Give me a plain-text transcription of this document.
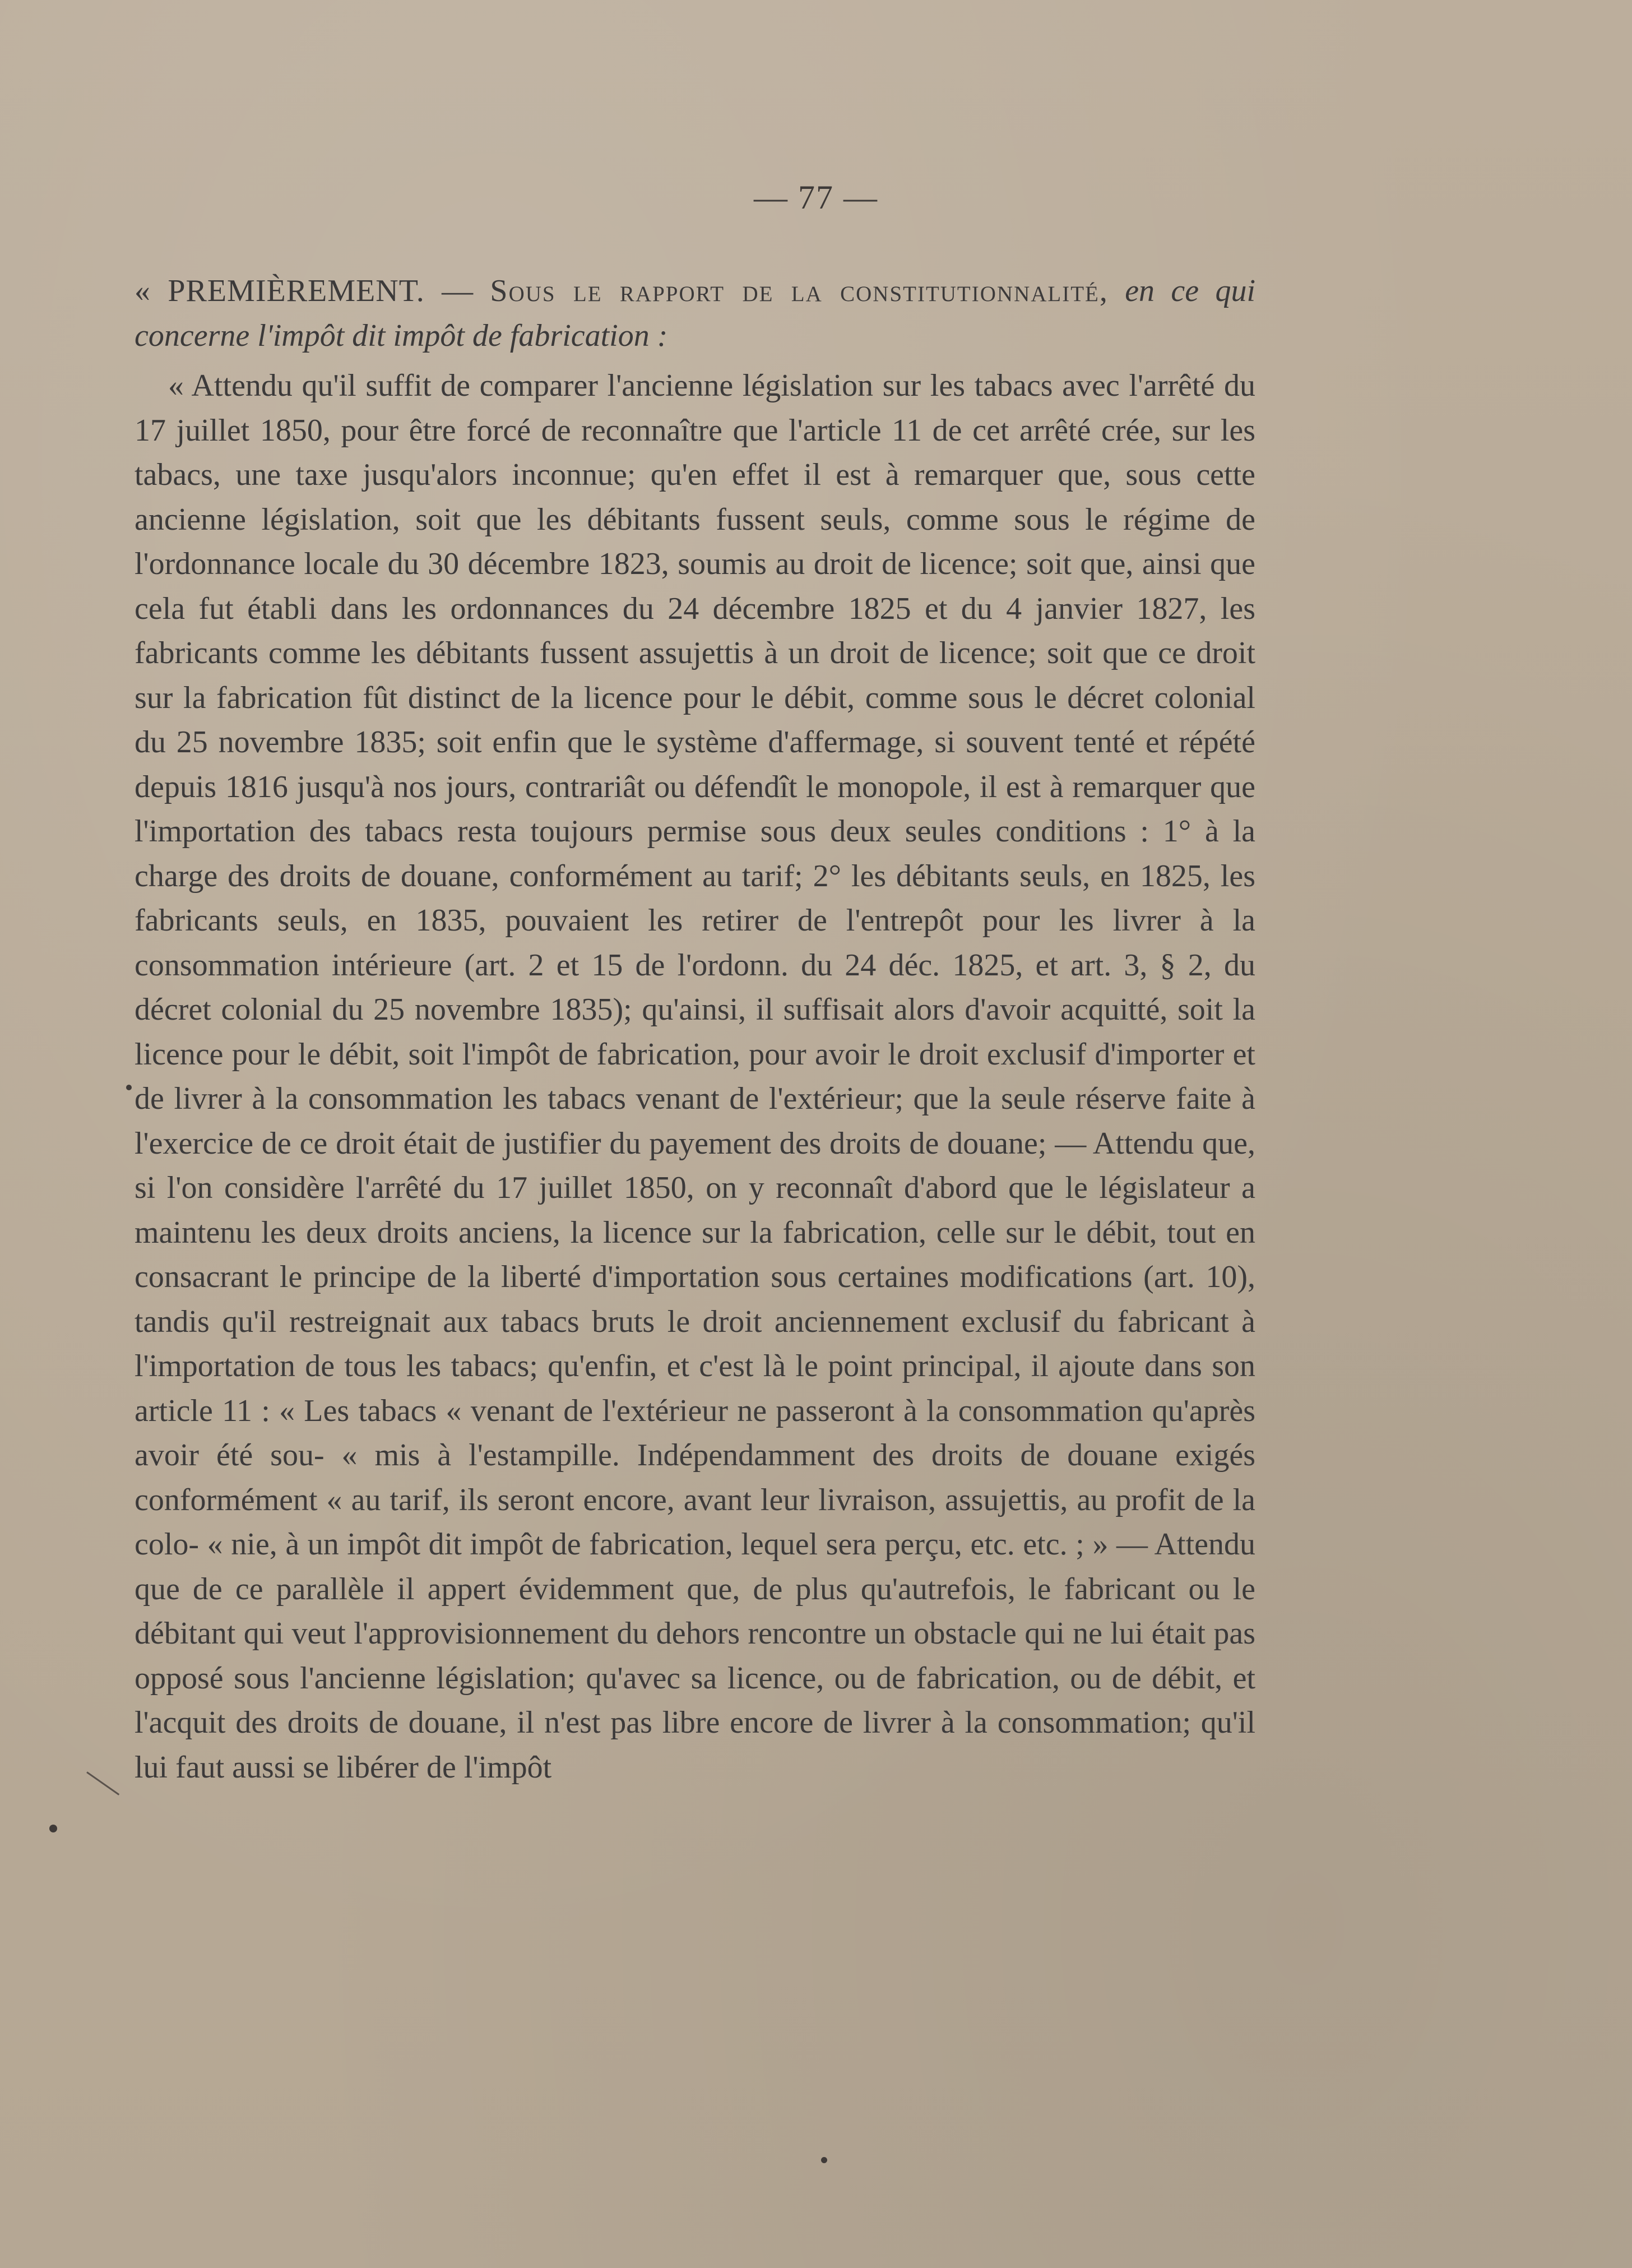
— 77 —

« PREMIÈREMENT. — Sous le rapport de la constitutionnalité, en ce qui concerne l'impôt dit impôt de fabrication :

« Attendu qu'il suffit de comparer l'ancienne législation sur les tabacs avec l'arrêté du 17 juillet 1850, pour être forcé de reconnaître que l'article 11 de cet arrêté crée, sur les tabacs, une taxe jusqu'alors inconnue; qu'en effet il est à remarquer que, sous cette ancienne législation, soit que les débitants fussent seuls, comme sous le régime de l'ordonnance locale du 30 décembre 1823, soumis au droit de licence; soit que, ainsi que cela fut établi dans les ordonnances du 24 décembre 1825 et du 4 janvier 1827, les fabricants comme les débitants fussent assujettis à un droit de licence; soit que ce droit sur la fabrication fût distinct de la licence pour le débit, comme sous le décret colonial du 25 novembre 1835; soit enfin que le système d'affermage, si souvent tenté et répété depuis 1816 jusqu'à nos jours, contrariât ou défendît le monopole, il est à remarquer que l'importation des tabacs resta toujours permise sous deux seules conditions : 1° à la charge des droits de douane, conformément au tarif; 2° les débitants seuls, en 1825, les fabricants seuls, en 1835, pouvaient les retirer de l'entrepôt pour les livrer à la consommation intérieure (art. 2 et 15 de l'ordonn. du 24 déc. 1825, et art. 3, § 2, du décret colonial du 25 novembre 1835); qu'ainsi, il suffisait alors d'avoir acquitté, soit la licence pour le débit, soit l'impôt de fabrication, pour avoir le droit exclusif d'importer et de livrer à la consommation les tabacs venant de l'extérieur; que la seule réserve faite à l'exercice de ce droit était de justifier du payement des droits de douane; — Attendu que, si l'on considère l'arrêté du 17 juillet 1850, on y reconnaît d'abord que le législateur a maintenu les deux droits anciens, la licence sur la fabrication, celle sur le débit, tout en consacrant le principe de la liberté d'importation sous certaines modifications (art. 10), tandis qu'il restreignait aux tabacs bruts le droit anciennement exclusif du fabricant à l'importation de tous les tabacs; qu'enfin, et c'est là le point principal, il ajoute dans son article 11 : « Les tabacs « venant de l'extérieur ne passeront à la consommation qu'après avoir été sou- « mis à l'estampille. Indépendamment des droits de douane exigés conformément « au tarif, ils seront encore, avant leur livraison, assujettis, au profit de la colo- « nie, à un impôt dit impôt de fabrication, lequel sera perçu, etc. etc. ; » — Attendu que de ce parallèle il appert évidemment que, de plus qu'autrefois, le fabricant ou le débitant qui veut l'approvisionnement du dehors rencontre un obstacle qui ne lui était pas opposé sous l'ancienne législation; qu'avec sa licence, ou de fabrication, ou de débit, et l'acquit des droits de douane, il n'est pas libre encore de livrer à la consommation; qu'il lui faut aussi se libérer de l'impôt
